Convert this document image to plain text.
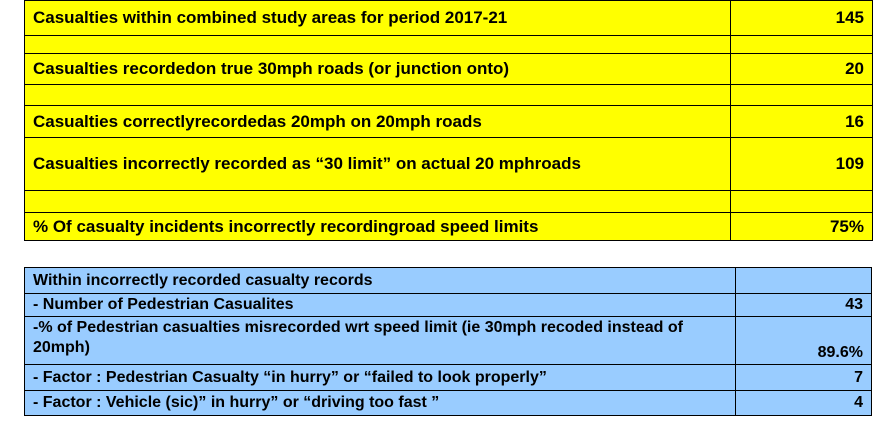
Casualties within combined study areas for period 2017-21	145

Casualties recordedon true 30mph roads (or junction onto)	20

Casualties correctlyrecordedas 20mph on 20mph roads	16
Casualties incorrectly recorded as “30 limit” on actual 20 mphroads	109

% Of casualty incidents incorrectly recordingroad speed limits	75%
Within incorrectly recorded casualty records	
- Number of Pedestrian Casualites	43
-% of Pedestrian casualties misrecorded wrt speed limit (ie 30mph recoded instead of 20mph)	89.6%
- Factor : Pedestrian Casualty “in hurry” or “failed to look properly”	7
- Factor : Vehicle (sic)” in hurry” or “driving too fast ”	4
